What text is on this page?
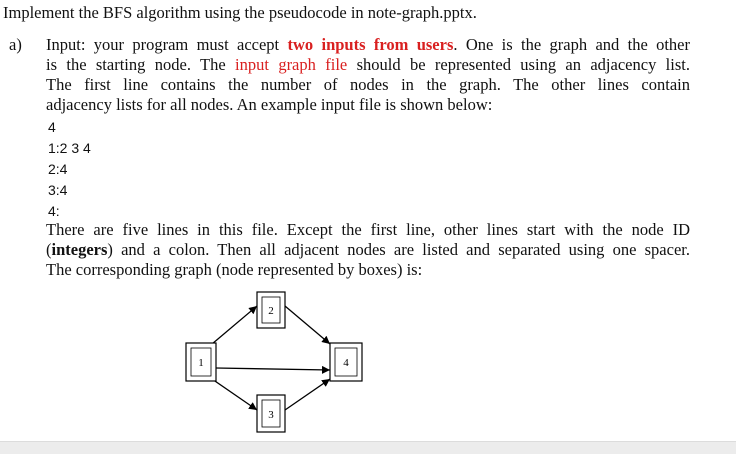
Implement the BFS algorithm using the pseudocode in note-graph.pptx.
a) Input: your program must accept two inputs from users. One is the graph and the other
is the starting node. The input graph file should be represented using an adjacency list.
The first line contains the number of nodes in the graph. The other lines contain
adjacency lists for all nodes. An example input file is shown below:
4
1:2 3 4
2:4
3:4
4:
There are five lines in this file. Except the first line, other lines start with the node ID
(integers) and a colon. Then all adjacent nodes are listed and separated using one spacer.
The corresponding graph (node represented by boxes) is:
1
2
3
4
